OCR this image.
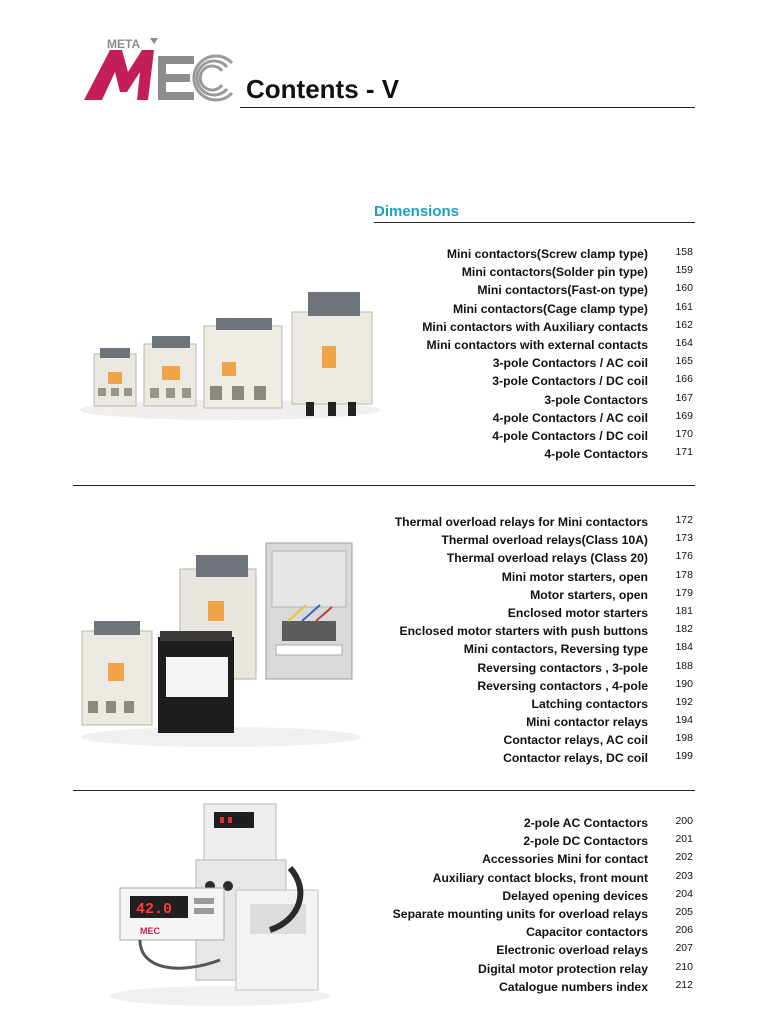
META
Contents - V
Dimensions
Mini contactors(Screw clamp type)	158
Mini contactors(Solder pin type)	159
Mini contactors(Fast-on type)	160
Mini contactors(Cage clamp type)	161
Mini contactors with Auxiliary contacts	162
Mini contactors with external contacts	164
3-pole Contactors / AC coil	165
3-pole Contactors / DC coil	166
3-pole Contactors	167
4-pole Contactors / AC coil	169
4-pole Contactors / DC coil	170
4-pole Contactors	171
Thermal overload relays for Mini contactors	172
Thermal overload relays(Class 10A)	173
Thermal overload relays (Class 20)	176
Mini motor starters, open	178
Motor starters, open	179
Enclosed motor starters	181
Enclosed motor starters with push buttons	182
Mini contactors, Reversing type	184
Reversing contactors , 3-pole	188
Reversing contactors , 4-pole	190
Latching contactors	192
Mini contactor relays	194
Contactor relays, AC coil	198
Contactor relays, DC coil	199
2-pole AC Contactors	200
2-pole DC Contactors	201
Accessories Mini for contact	202
Auxiliary contact blocks, front mount	203
Delayed opening devices	204
Separate mounting units for overload relays	205
Capacitor contactors	206
Electronic overload relays	207
Digital motor protection relay	210
Catalogue numbers index	212
42.0
MEC
